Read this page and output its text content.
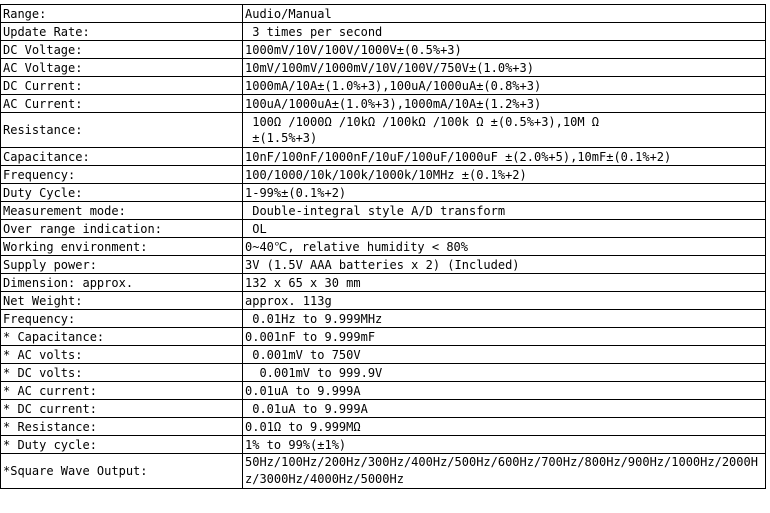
Range:	Audio/Manual
Update Rate:	3 times per second
DC Voltage:	1000mV/10V/100V/1000V±(0.5%+3)
AC Voltage:	10mV/100mV/1000mV/10V/100V/750V±(1.0%+3)
DC Current:	1000mA/10A±(1.0%+3),100uA/1000uA±(0.8%+3)
AC Current:	100uA/1000uA±(1.0%+3),1000mA/10A±(1.2%+3)
Resistance:	100Ω /1000Ω /10kΩ /100kΩ /100k Ω ±(0.5%+3),10M Ω
±(1.5%+3)
Capacitance:	10nF/100nF/1000nF/10uF/100uF/1000uF ±(2.0%+5),10mF±(0.1%+2)
Frequency:	100/1000/10k/100k/1000k/10MHz ±(0.1%+2)
Duty Cycle:	1-99%±(0.1%+2)
Measurement mode:	Double-integral style A/D transform
Over range indication:	OL
Working environment:	0~40℃, relative humidity < 80%
Supply power:	3V (1.5V AAA batteries x 2) (Included)
Dimension: approx.	132 x 65 x 30 mm
Net Weight:	approx. 113g
Frequency:	0.01Hz to 9.999MHz
* Capacitance:	0.001nF to 9.999mF
* AC volts:	0.001mV to 750V
* DC volts:	0.001mV to 999.9V
* AC current:	0.01uA to 9.999A
* DC current:	0.01uA to 9.999A
* Resistance:	0.01Ω to 9.999MΩ
* Duty cycle:	1% to 99%(±1%)
*Square Wave Output:	50Hz/100Hz/200Hz/300Hz/400Hz/500Hz/600Hz/700Hz/800Hz/900Hz/1000Hz/2000Hz/3000Hz/4000Hz/5000Hz
